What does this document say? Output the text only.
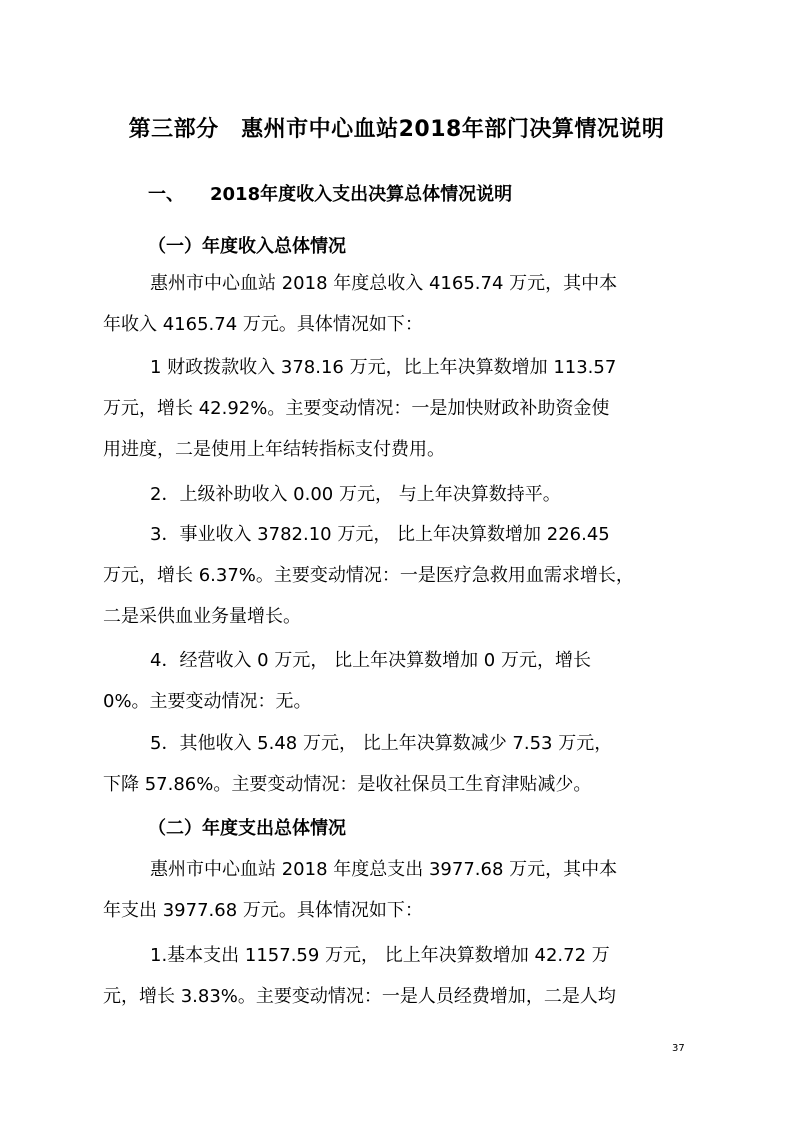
第三部分　惠州市中心血站2018年部门决算情况说明
一、 2018年度收入支出决算总体情况说明
（一）年度收入总体情况
惠州市中心血站 2018 年度总收入 4165.74 万元，其中本
年收入 4165.74 万元。具体情况如下：
1 财政拨款收入 378.16 万元，比上年决算数增加 113.57
万元，增长 42.92%。主要变动情况：一是加快财政补助资金使
用进度，二是使用上年结转指标支付费用。
2．上级补助收入 0.00 万元， 与上年决算数持平。
3．事业收入 3782.10 万元， 比上年决算数增加 226.45
万元，增长 6.37%。主要变动情况：一是医疗急救用血需求增长，
二是采供血业务量增长。
4．经营收入 0 万元， 比上年决算数增加 0 万元，增长
0%。主要变动情况：无。
5．其他收入 5.48 万元， 比上年决算数减少 7.53 万元，
下降 57.86%。主要变动情况：是收社保员工生育津贴减少。
（二）年度支出总体情况
惠州市中心血站 2018 年度总支出 3977.68 万元，其中本
年支出 3977.68 万元。具体情况如下：
1.基本支出 1157.59 万元， 比上年决算数增加 42.72 万
元，增长 3.83%。主要变动情况：一是人员经费增加，二是人均
37
